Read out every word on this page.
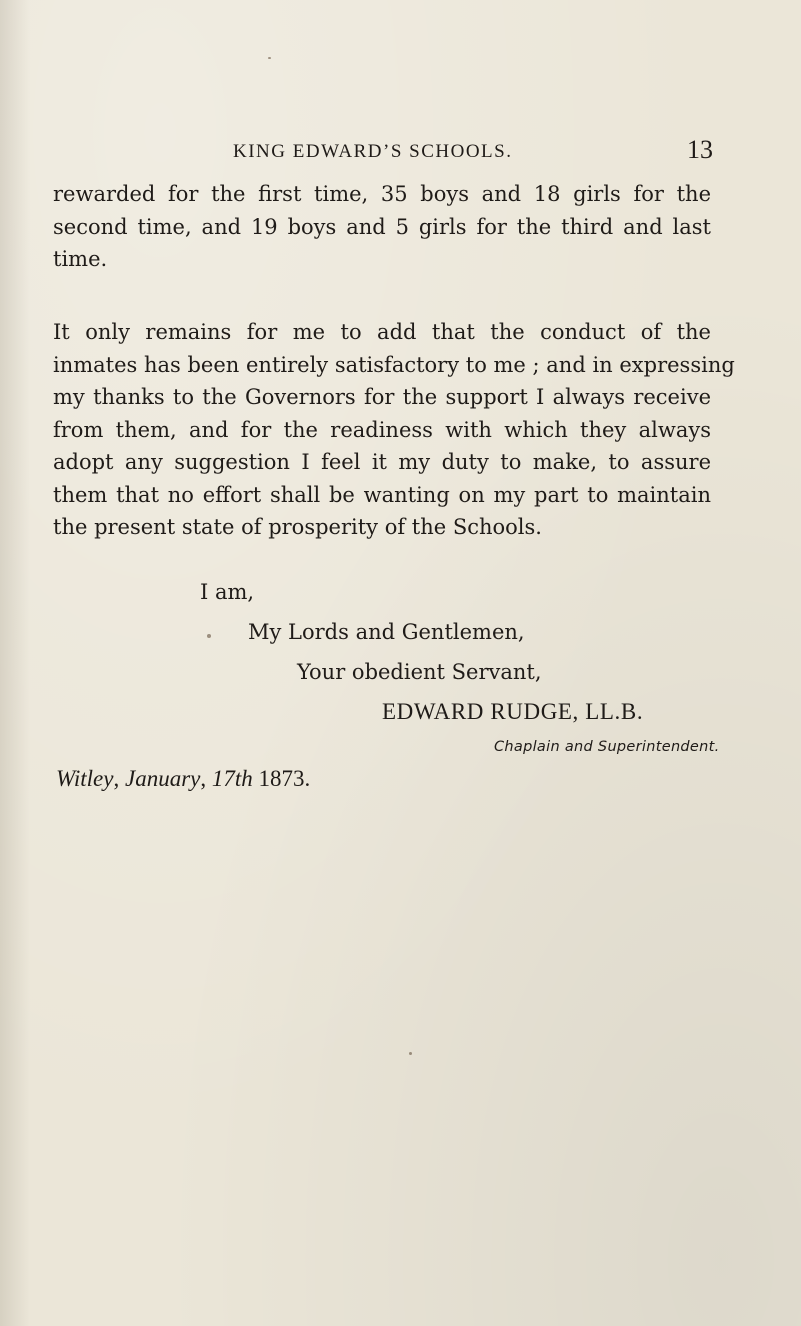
KING EDWARD’S SCHOOLS.	13

rewarded for the first time, 35 boys and 18 girls for the
second time, and 19 boys and 5 girls for the third and last
time.

It only remains for me to add that the conduct of the
inmates has been entirely satisfactory to me ; and in expressing
my thanks to the Governors for the support I always receive
from them, and for the readiness with which they always
adopt any suggestion I feel it my duty to make, to assure
them that no effort shall be wanting on my part to maintain
the present state of prosperity of the Schools.

I am,
My Lords and Gentlemen,
Your obedient Servant,
EDWARD RUDGE, LL.B.
Chaplain and Superintendent.
Witley, January, 17th 1873.
